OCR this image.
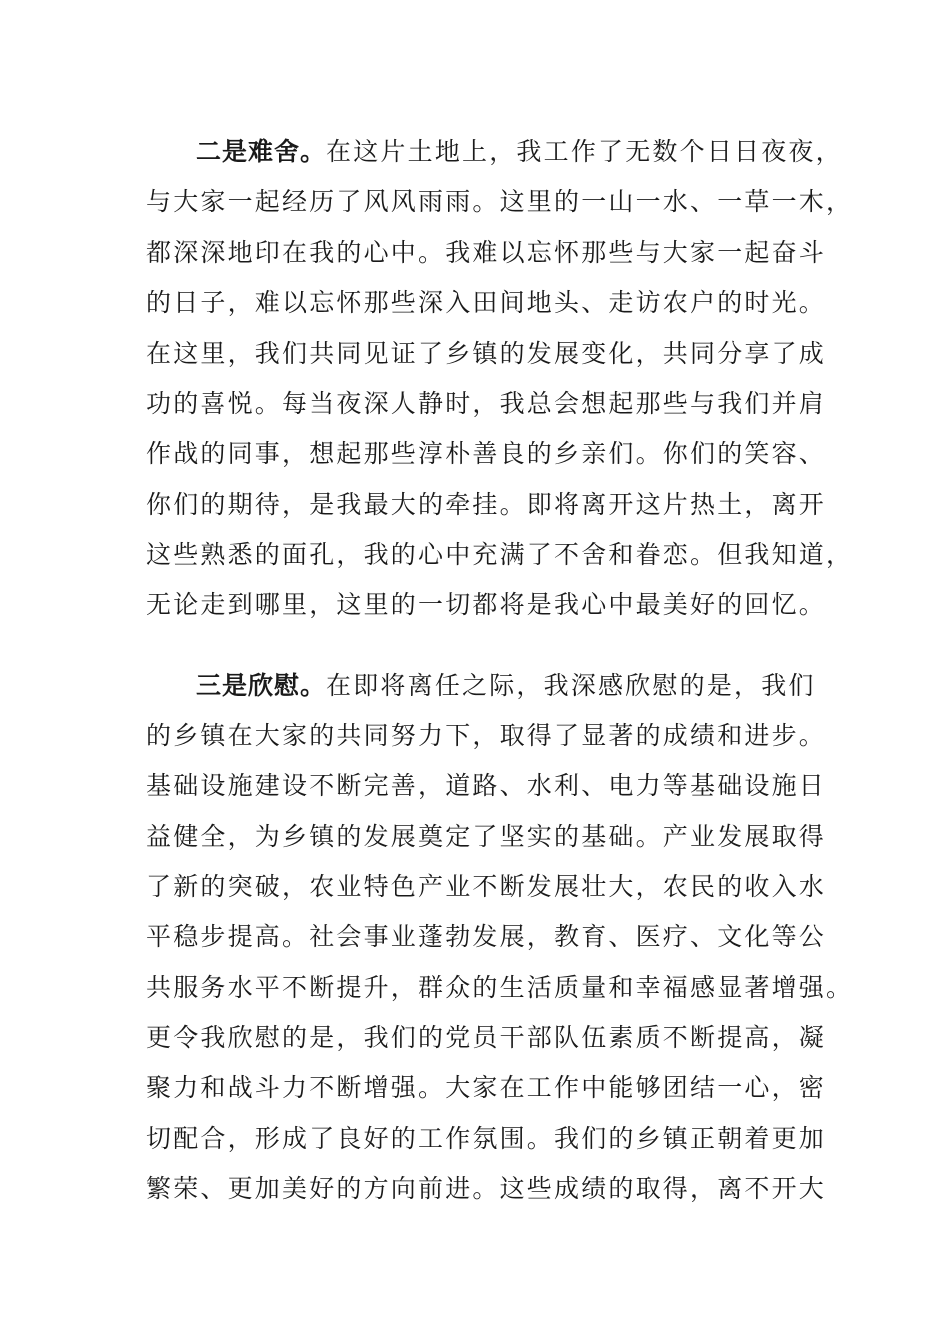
二是难舍。在这片土地上，我工作了无数个日日夜夜，
与大家一起经历了风风雨雨。这里的一山一水、一草一木，
都深深地印在我的心中。我难以忘怀那些与大家一起奋斗
的日子，难以忘怀那些深入田间地头、走访农户的时光。
在这里，我们共同见证了乡镇的发展变化，共同分享了成
功的喜悦。每当夜深人静时，我总会想起那些与我们并肩
作战的同事，想起那些淳朴善良的乡亲们。你们的笑容、
你们的期待，是我最大的牵挂。即将离开这片热土，离开
这些熟悉的面孔，我的心中充满了不舍和眷恋。但我知道，
无论走到哪里，这里的一切都将是我心中最美好的回忆。
三是欣慰。在即将离任之际，我深感欣慰的是，我们
的乡镇在大家的共同努力下，取得了显著的成绩和进步。
基础设施建设不断完善，道路、水利、电力等基础设施日
益健全，为乡镇的发展奠定了坚实的基础。产业发展取得
了新的突破，农业特色产业不断发展壮大，农民的收入水
平稳步提高。社会事业蓬勃发展，教育、医疗、文化等公
共服务水平不断提升，群众的生活质量和幸福感显著增强。
更令我欣慰的是，我们的党员干部队伍素质不断提高，凝
聚力和战斗力不断增强。大家在工作中能够团结一心，密
切配合，形成了良好的工作氛围。我们的乡镇正朝着更加
繁荣、更加美好的方向前进。这些成绩的取得，离不开大
